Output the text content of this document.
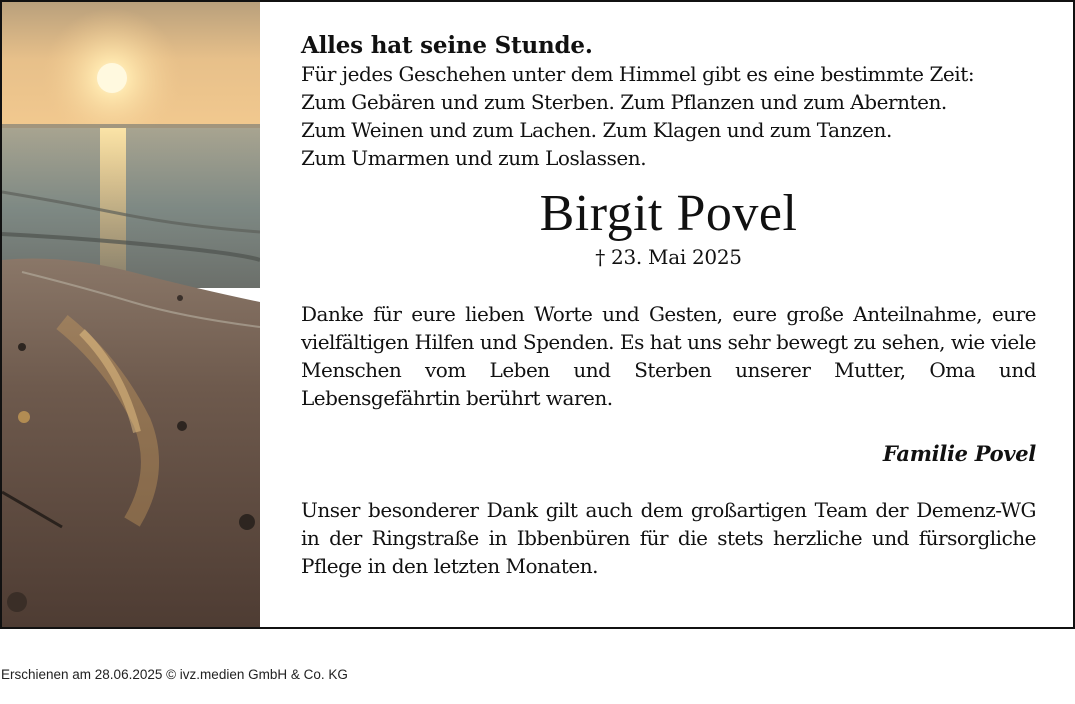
Alles hat seine Stunde.

Für jedes Geschehen unter dem Himmel gibt es eine bestimmte Zeit:

Zum Gebären und zum Sterben. Zum Pflanzen und zum Abernten.

Zum Weinen und zum Lachen. Zum Klagen und zum Tanzen.

Zum Umarmen und zum Loslassen.

Birgit Povel

† 23. Mai 2025

Danke für eure lieben Worte und Gesten, eure große Anteilnahme, eure vielfältigen Hilfen und Spenden. Es hat uns sehr bewegt zu sehen, wie viele Menschen vom Leben und Sterben unserer Mutter, Oma und Lebensgefährtin berührt waren.

Familie Povel

Unser besonderer Dank gilt auch dem großartigen Team der Demenz-WG in der Ringstraße in Ibbenbüren für die stets herzliche und fürsorgliche Pflege in den letzten Monaten.

Erschienen am 28.06.2025 © ivz.medien GmbH & Co. KG
